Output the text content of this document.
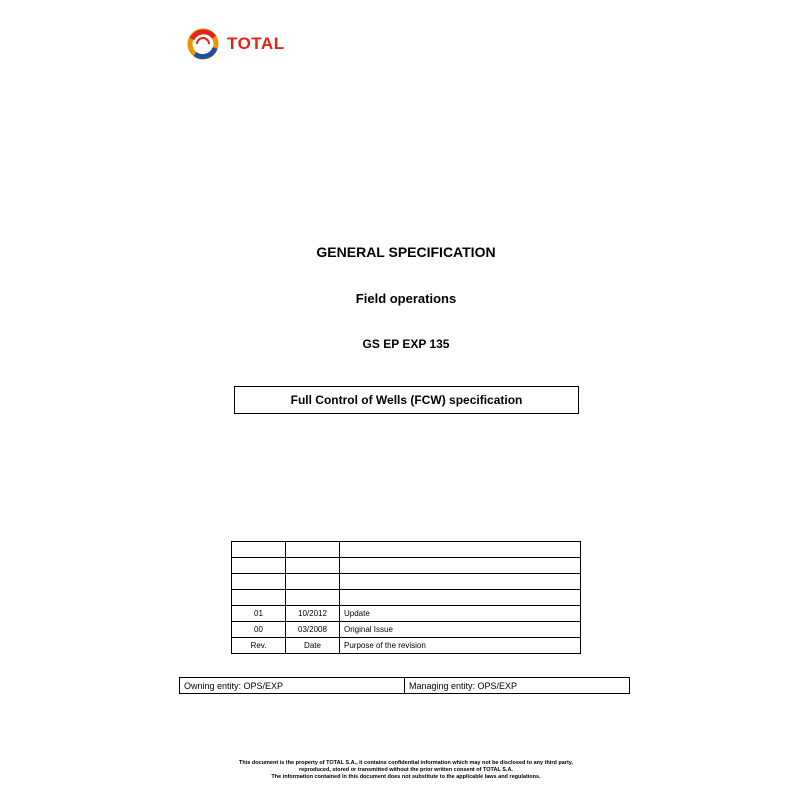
TOTAL
GENERAL SPECIFICATION
Field operations
GS EP EXP 135
Full Control of Wells (FCW) specification

01	10/2012	Update
00	03/2008	Original Issue
Rev.	Date	Purpose of the revision
Owning entity: OPS/EXP	Managing entity: OPS/EXP
This document is the property of TOTAL S.A., it contains confidential information which may not be disclosed to any third party,
reproduced, stored or transmitted without the prior written consent of TOTAL S.A.
The information contained in this document does not substitute to the applicable laws and regulations.
